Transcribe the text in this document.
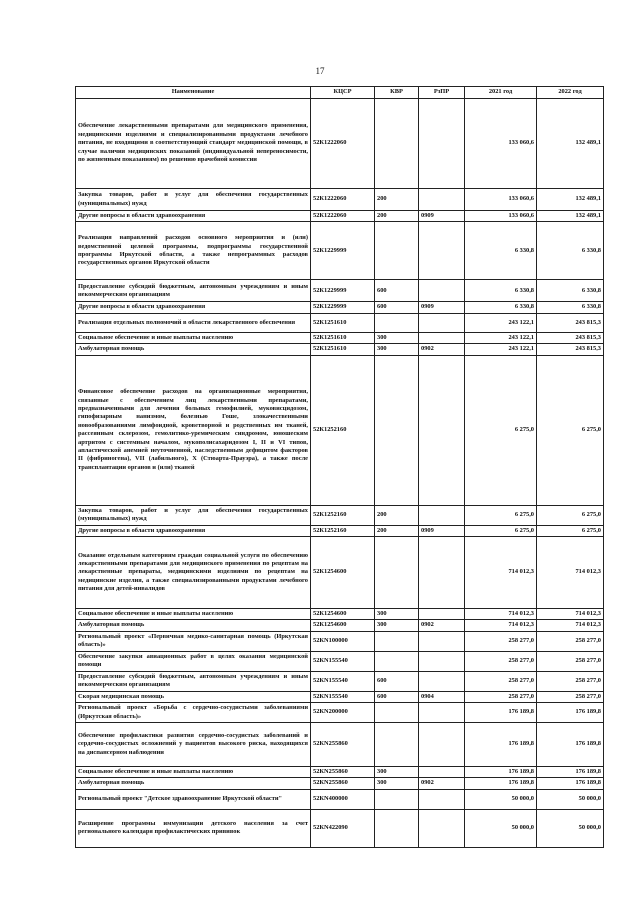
17
Наименование	КЦСР	КВР	РзПР	2021 год	2022 год
Обеспечение лекарственными препаратами для медицинского применения, медицинскими изделиями и специализированными продуктами лечебного питания, не входящими в соответствующий стандарт медицинской помощи, в случае наличия медицинских показаний (индивидуальной непереносимости, по жизненным показаниям) по решению врачебной комиссии	52К1222060			133 060,6	132 489,1
Закупка товаров, работ и услуг для обеспечения государственных (муниципальных) нужд	52К1222060	200		133 060,6	132 489,1
Другие вопросы в области здравоохранения	52К1222060	200	0909	133 060,6	132 489,1
Реализация направлений расходов основного мероприятия и (или) ведомственной целевой программы, подпрограммы государственной программы Иркутской области, а также непрограммных расходов государственных органов Иркутской области	52К1229999			6 330,8	6 330,8
Предоставление субсидий бюджетным, автономным учреждениям и иным некоммерческим организациям	52К1229999	600		6 330,8	6 330,8
Другие вопросы в области здравоохранения	52К1229999	600	0909	6 330,8	6 330,8
Реализация отдельных полномочий в области лекарственного обеспечения	52К1251610			243 122,1	243 815,3
Социальное обеспечение и иные выплаты населению	52К1251610	300		243 122,1	243 815,3
Амбулаторная помощь	52К1251610	300	0902	243 122,1	243 815,3
Финансовое обеспечение расходов на организационные мероприятия, связанные с обеспечением лиц лекарственными препаратами, предназначенными для лечения больных гемофилией, муковисцидозом, гипофизарным нанизмом, болезнью Гоше, злокачественными новообразованиями лимфоидной, кроветворной и родственных им тканей, рассеянным склерозом, гемолитико-уремическим синдромом, юношеским артритом с системным началом, мукополисахаридозом I, II и VI типов, апластической анемией неуточненной, наследственным дефицитом факторов II (фибриногена), VII (лабильного), X (Стюарта-Прауэра), а также после трансплантации органов и (или) тканей	52К1252160			6 275,0	6 275,0
Закупка товаров, работ и услуг для обеспечения государственных (муниципальных) нужд	52К1252160	200		6 275,0	6 275,0
Другие вопросы в области здравоохранения	52К1252160	200	0909	6 275,0	6 275,0
Оказание отдельным категориям граждан социальной услуги по обеспечению лекарственными препаратами для медицинского применения по рецептам на лекарственные препараты, медицинскими изделиями по рецептам на медицинские изделия, а также специализированными продуктами лечебного питания для детей-инвалидов	52К1254600			714 012,3	714 012,3
Социальное обеспечение и иные выплаты населению	52К1254600	300		714 012,3	714 012,3
Амбулаторная помощь	52К1254600	300	0902	714 012,3	714 012,3
Региональный проект «Первичная медико-санитарная помощь (Иркутская область)»	52КN100000			258 277,0	258 277,0
Обеспечение закупки авиационных работ в целях оказания медицинской помощи	52КN155540			258 277,0	258 277,0
Предоставление субсидий бюджетным, автономным учреждениям и иным некоммерческим организациям	52КN155540	600		258 277,0	258 277,0
Скорая медицинская помощь	52КN155540	600	0904	258 277,0	258 277,0
Региональный проект «Борьба с сердечно-сосудистыми заболеваниями (Иркутская область)»	52КN200000			176 189,8	176 189,8
Обеспечение профилактики развития сердечно-сосудистых заболеваний и сердечно-сосудистых осложнений у пациентов высокого риска, находящихся на диспансерном наблюдении	52КN255860			176 189,8	176 189,8
Социальное обеспечение и иные выплаты населению	52КN255860	300		176 189,8	176 189,8
Амбулаторная помощь	52КN255860	300	0902	176 189,8	176 189,8
Региональный проект "Детское здравоохранение Иркутской области"	52КN400000			50 000,0	50 000,0
Расширение программы иммунизации детского населения за счет регионального календаря профилактических прививок	52КN422090			50 000,0	50 000,0
